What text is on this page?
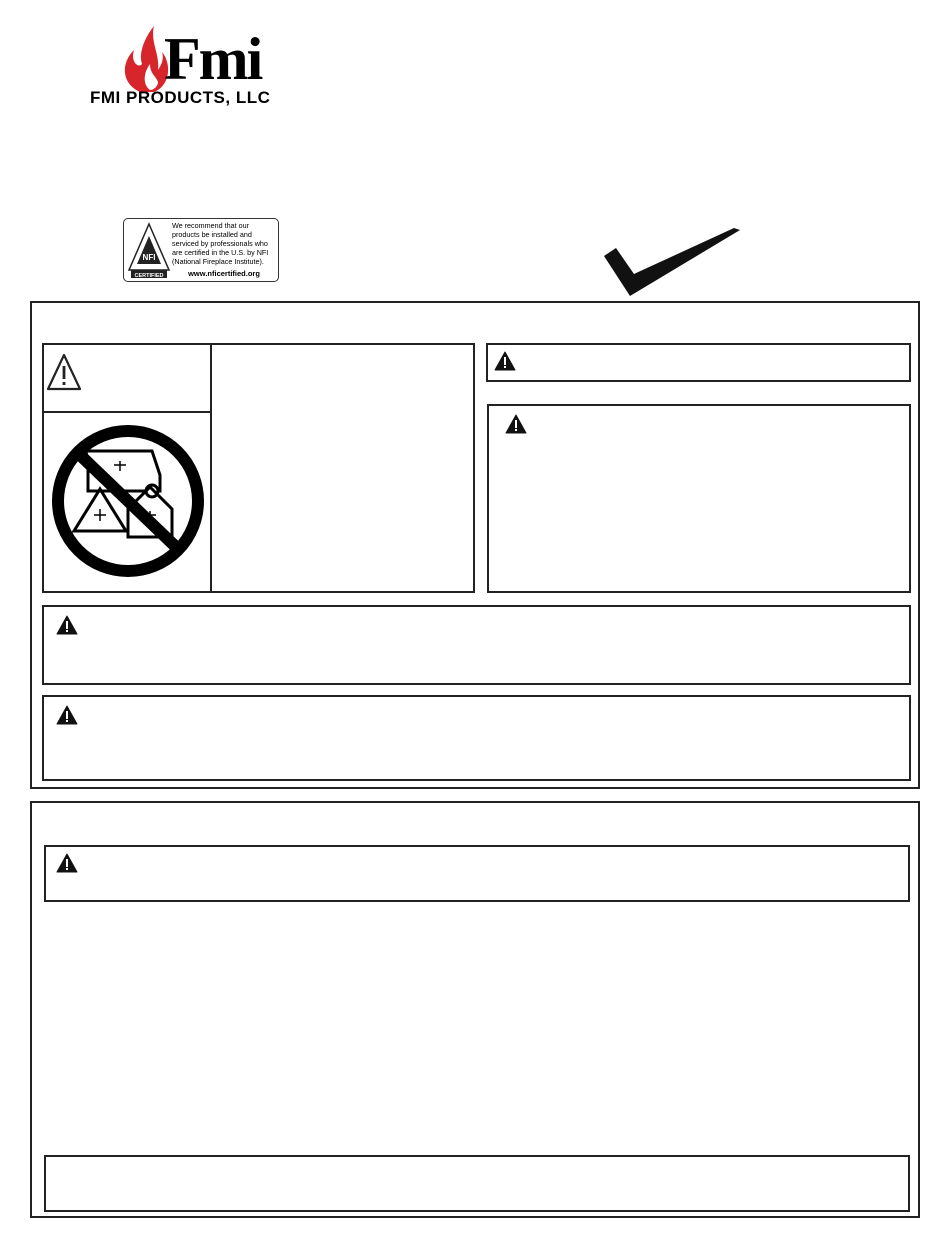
Fmi
FMI PRODUCTS, LLC
NFI
CERTIFIED
We recommend that our products be installed and serviced by professionals who are certified in the U.S. by NFI (National Fireplace Institute).
www.nficertified.org
